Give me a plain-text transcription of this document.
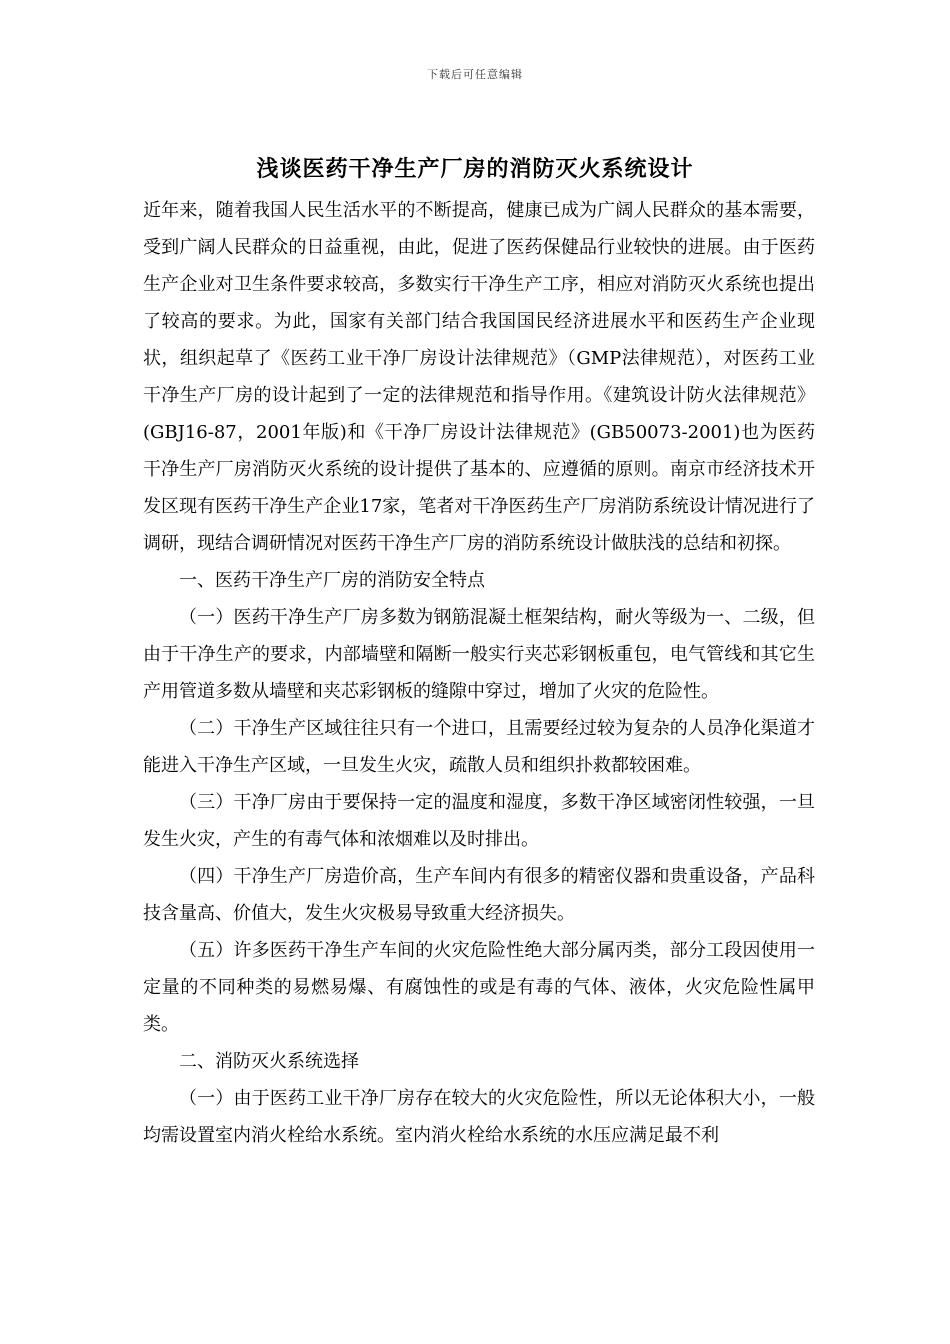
下载后可任意编辑
浅谈医药干净生产厂房的消防灭火系统设计

近年来，随着我国人民生活水平的不断提高，健康已成为广阔人民群众的基本需要，受到广阔人民群众的日益重视，由此，促进了医药保健品行业较快的进展。由于医药生产企业对卫生条件要求较高，多数实行干净生产工序，相应对消防灭火系统也提出了较高的要求。为此，国家有关部门结合我国国民经济进展水平和医药生产企业现状，组织起草了《医药工业干净厂房设计法律规范》（GMP法律规范），对医药工业干净生产厂房的设计起到了一定的法律规范和指导作用。《建筑设计防火法律规范》(GBJ16-87，2001年版)和《干净厂房设计法律规范》(GB50073-2001)也为医药干净生产厂房消防灭火系统的设计提供了基本的、应遵循的原则。南京市经济技术开发区现有医药干净生产企业17家，笔者对干净医药生产厂房消防系统设计情况进行了调研，现结合调研情况对医药干净生产厂房的消防系统设计做肤浅的总结和初探。

一、医药干净生产厂房的消防安全特点

（一）医药干净生产厂房多数为钢筋混凝土框架结构，耐火等级为一、二级，但由于干净生产的要求，内部墙壁和隔断一般实行夹芯彩钢板重包，电气管线和其它生产用管道多数从墙壁和夹芯彩钢板的缝隙中穿过，增加了火灾的危险性。

（二）干净生产区域往往只有一个进口，且需要经过较为复杂的人员净化渠道才能进入干净生产区域，一旦发生火灾，疏散人员和组织扑救都较困难。

（三）干净厂房由于要保持一定的温度和湿度，多数干净区域密闭性较强，一旦发生火灾，产生的有毒气体和浓烟难以及时排出。

（四）干净生产厂房造价高，生产车间内有很多的精密仪器和贵重设备，产品科技含量高、价值大，发生火灾极易导致重大经济损失。

（五）许多医药干净生产车间的火灾危险性绝大部分属丙类，部分工段因使用一定量的不同种类的易燃易爆、有腐蚀性的或是有毒的气体、液体，火灾危险性属甲类。

二、消防灭火系统选择

（一）由于医药工业干净厂房存在较大的火灾危险性，所以无论体积大小，一般均需设置室内消火栓给水系统。室内消火栓给水系统的水压应满足最不利
